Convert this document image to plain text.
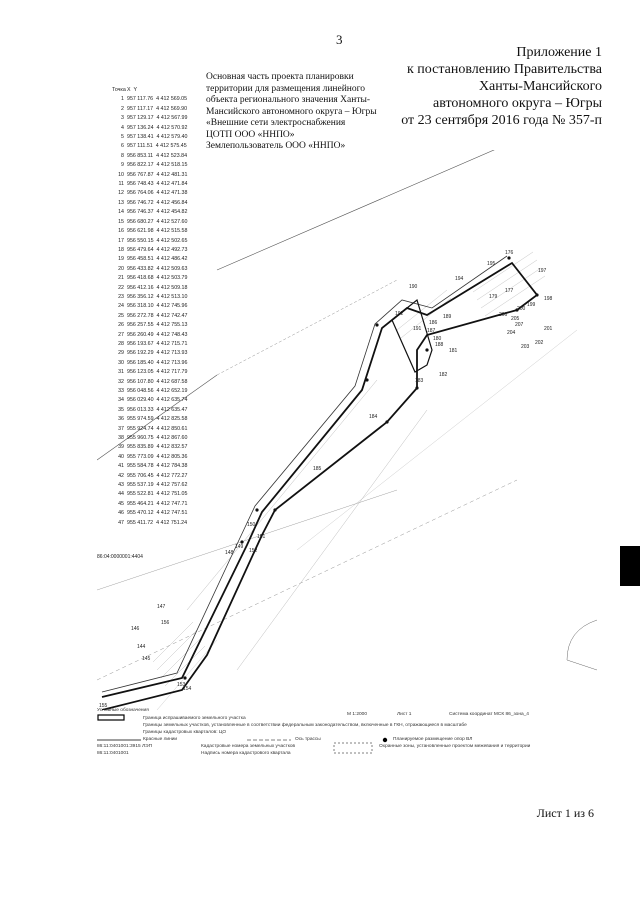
3
Приложение 1
к постановлению Правительства
Ханты-Мансийского
автономного округа – Югры
от 23 сентября 2016 года № 357-п
Основная часть проекта планировки
территории для размещения линейного
объекта регионального значения Ханты-
Мансийского автономного округа – Югры
«Внешние сети электроснабжения
ЦОТП ООО «ННПО»
Землепользователь ООО «ННПО»
195
176
194
190
192
177
179
197
198
200
201
202
203
204
191
180
181
182
183
184
185
150
151
152
149
148
147
146
145
144
153
154
155
156
186
187
188
189
199
205
206
207
86:04:0000001:4404
Точка X Y
1 957 117.76 4 412 569.05
2 957 117.17 4 412 569.90
3 957 129.17 4 412 567.99
4 957 136.24 4 412 570.92
5 957 138.41 4 412 579.40
6 957 111.51 4 412 575.45
8 956 853.11 4 412 523.84
9 956 822.17 4 412 518.15
10 956 767.87 4 412 481.31
11 956 748.43 4 412 471.84
12 956 764.06 4 412 471.38
13 956 746.72 4 412 456.84
14 956 746.37 4 412 454.82
15 956 680.27 4 412 527.60
16 956 621.98 4 412 515.58
17 956 550.15 4 412 502.65
18 956 479.64 4 412 492.73
19 956 458.51 4 412 486.42
20 956 433.82 4 412 509.63
21 956 418.68 4 412 503.79
22 956 412.16 4 412 509.18
23 956 356.12 4 412 513.10
24 956 318.10 4 412 745.96
25 956 272.78 4 412 742.47
26 956 257.55 4 412 755.13
27 956 260.49 4 412 748.43
28 956 193.67 4 412 715.71
29 956 192.29 4 412 713.93
30 956 185.40 4 412 713.96
31 956 123.05 4 412 717.79
32 956 107.80 4 412 687.58
33 956 048.56 4 412 652.19
34 956 029.40 4 412 635.74
35 956 013.33 4 412 635.47
36 955 974.59 4 412 825.58
37 955 924.74 4 412 850.61
38 955 960.75 4 412 867.60
39 955 835.89 4 412 832.57
40 955 773.09 4 412 805.36
41 955 584.78 4 412 784.38
42 955 706.45 4 412 772.27
43 955 537.19 4 412 757.62
44 955 522.81 4 412 751.05
45 955 464.21 4 412 747.71
46 955 470.12 4 412 747.51
47 955 411.72 4 412 751.24
Условные обозначения
М 1:2000	Лист 1	Система координат МСК 86_зона_4
Граница испрашиваемого земельного участка
Границы земельных участков, установленные в соответствии федеральным законодательством, включенные в ГКН, отражающиеся в масштабе
Границы кадастровых кварталов: ЦО
Красные линии	Ось трассы	Планируемое размещение опор ВЛ
86:11:0401001:3915 ЛЭП	Кадастровые номера земельных участков
86:11:0401001	Надпись номера кадастрового квартала
Охранные зоны, установленные проектом межевания и территории
Лист 1 из 6
